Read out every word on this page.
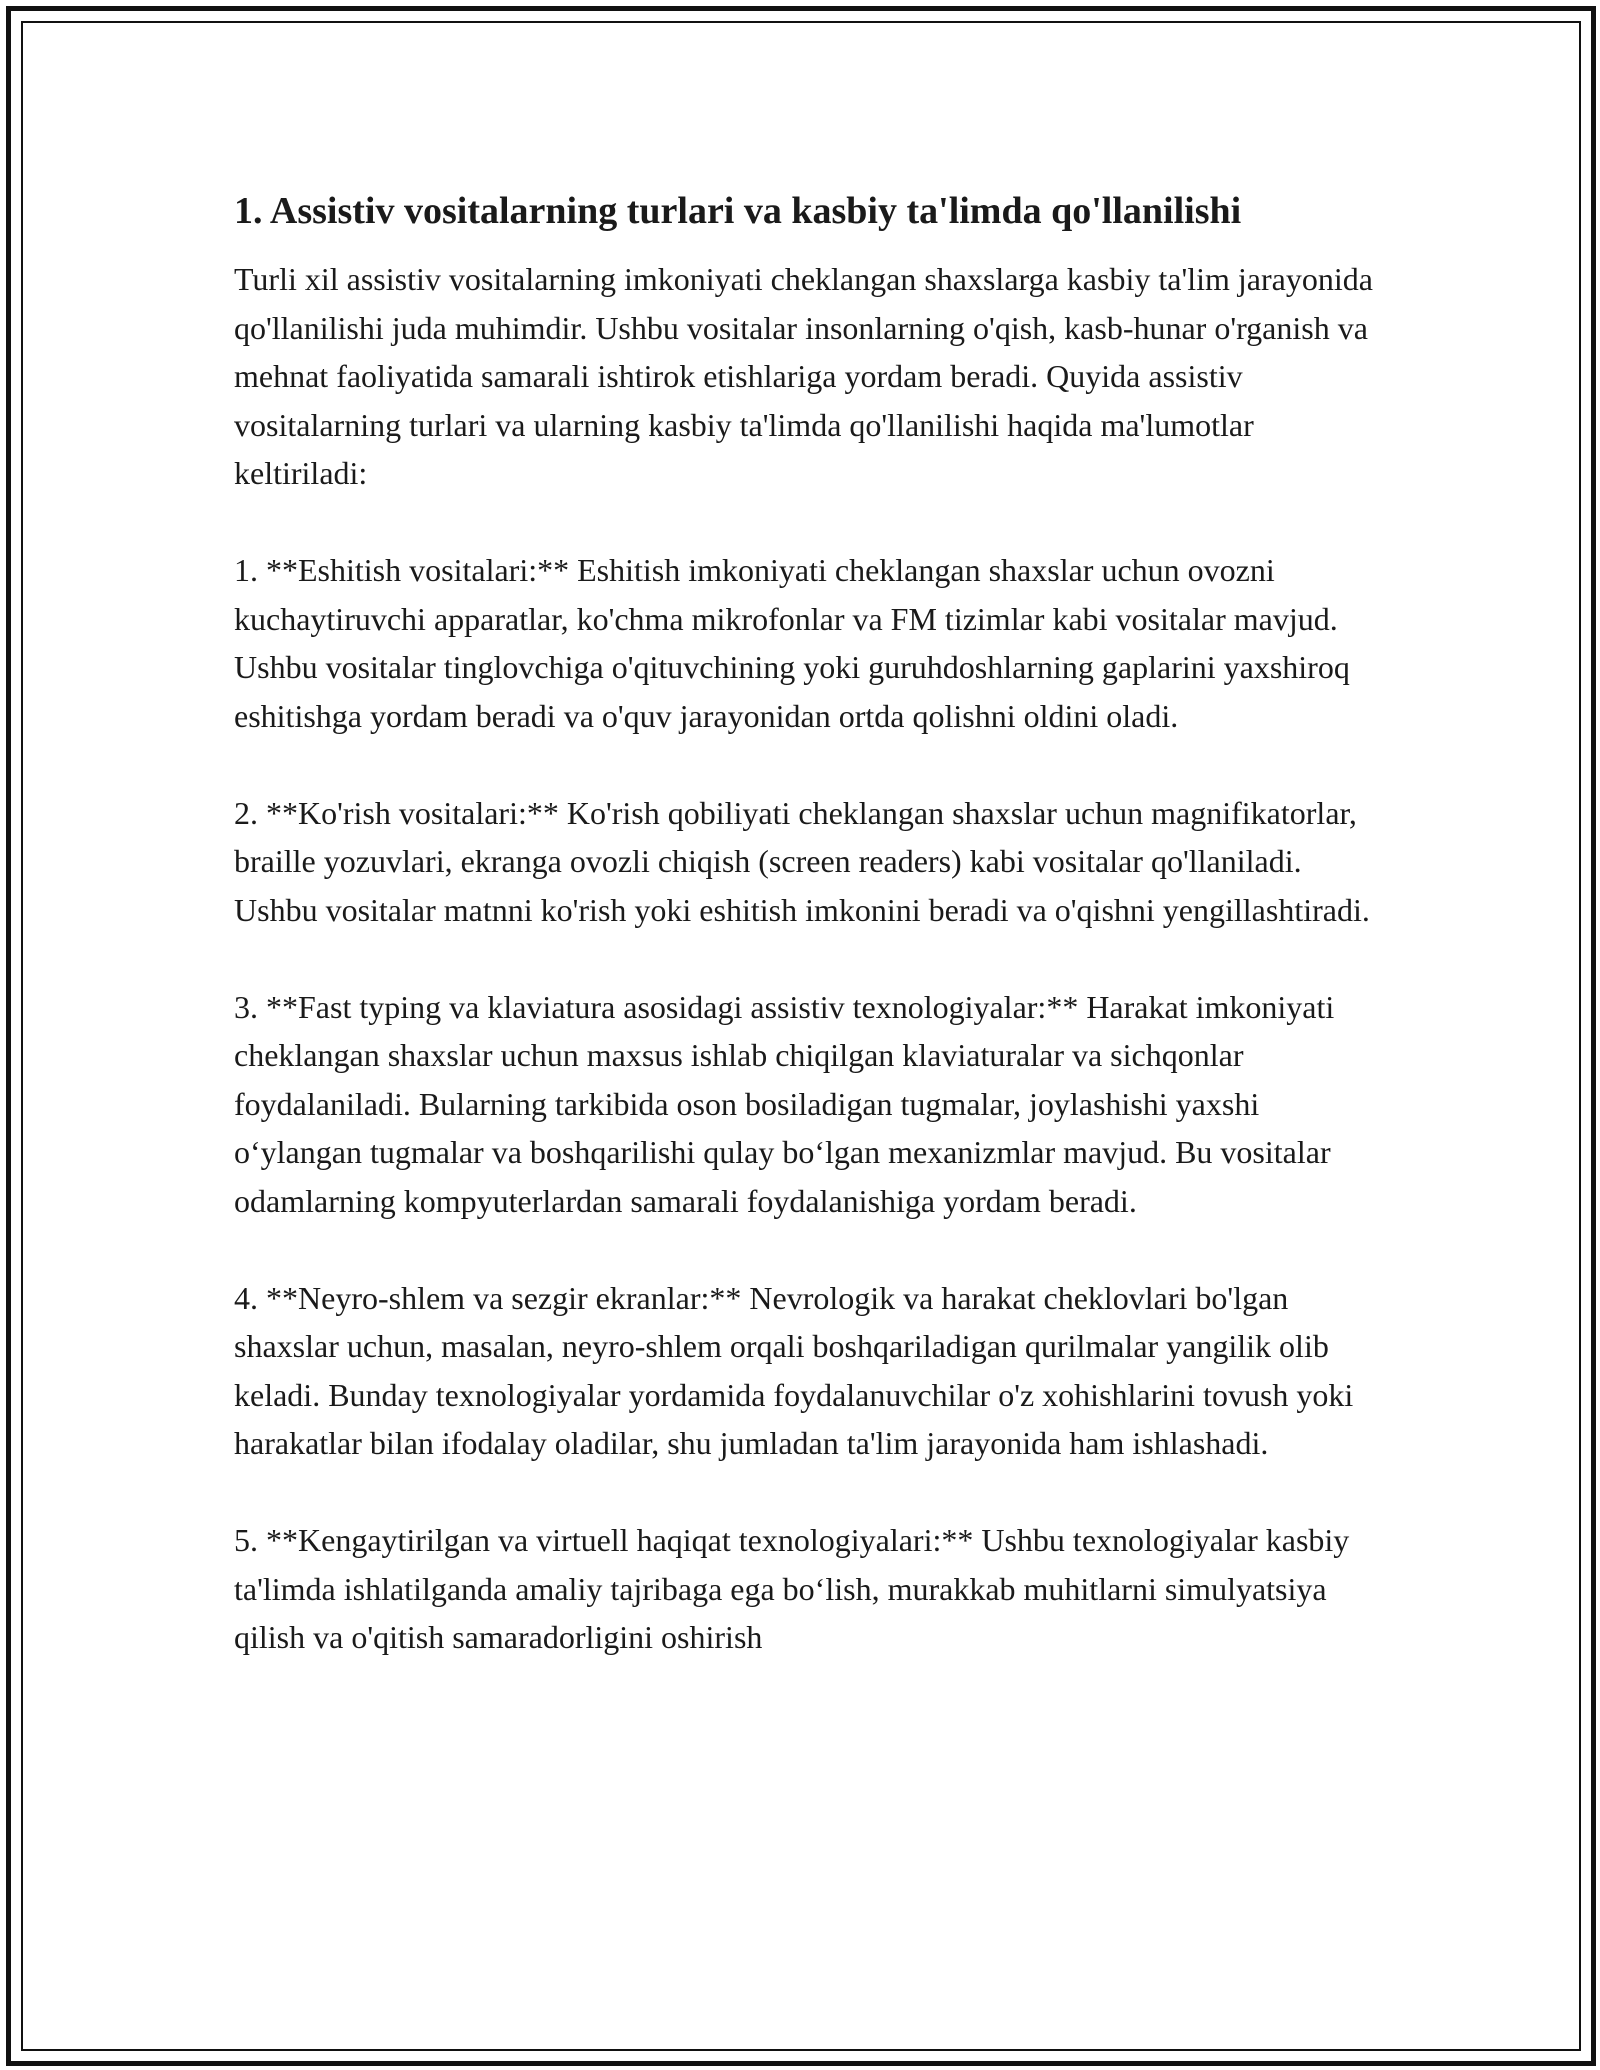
1. Assistiv vositalarning turlari va kasbiy ta'limda qo'llanilishi

Turli xil assistiv vositalarning imkoniyati cheklangan shaxslarga kasbiy ta'lim jarayonida qo'llanilishi juda muhimdir. Ushbu vositalar insonlarning o'qish, kasb-hunar o'rganish va mehnat faoliyatida samarali ishtirok etishlariga yordam beradi. Quyida assistiv vositalarning turlari va ularning kasbiy ta'limda qo'llanilishi haqida ma'lumotlar keltiriladi:

1. **Eshitish vositalari:** Eshitish imkoniyati cheklangan shaxslar uchun ovozni kuchaytiruvchi apparatlar, ko'chma mikrofonlar va FM tizimlar kabi vositalar mavjud. Ushbu vositalar tinglovchiga o'qituvchining yoki guruhdoshlarning gaplarini yaxshiroq eshitishga yordam beradi va o'quv jarayonidan ortda qolishni oldini oladi.

2. **Ko'rish vositalari:** Ko'rish qobiliyati cheklangan shaxslar uchun magnifikatorlar, braille yozuvlari, ekranga ovozli chiqish (screen readers) kabi vositalar qo'llaniladi. Ushbu vositalar matnni ko'rish yoki eshitish imkonini beradi va o'qishni yengillashtiradi.

3. **Fast typing va klaviatura asosidagi assistiv texnologiyalar:** Harakat imkoniyati cheklangan shaxslar uchun maxsus ishlab chiqilgan klaviaturalar va sichqonlar foydalaniladi. Bularning tarkibida oson bosiladigan tugmalar, joylashishi yaxshi o‘ylangan tugmalar va boshqarilishi qulay bo‘lgan mexanizmlar mavjud. Bu vositalar odamlarning kompyuterlardan samarali foydalanishiga yordam beradi.

4. **Neyro-shlem va sezgir ekranlar:** Nevrologik va harakat cheklovlari bo'lgan shaxslar uchun, masalan, neyro-shlem orqali boshqariladigan qurilmalar yangilik olib keladi. Bunday texnologiyalar yordamida foydalanuvchilar o'z xohishlarini tovush yoki harakatlar bilan ifodalay oladilar, shu jumladan ta'lim jarayonida ham ishlashadi.

5. **Kengaytirilgan va virtuell haqiqat texnologiyalari:** Ushbu texnologiyalar kasbiy ta'limda ishlatilganda amaliy tajribaga ega bo‘lish, murakkab muhitlarni simulyatsiya qilish va o'qitish samaradorligini oshirish
